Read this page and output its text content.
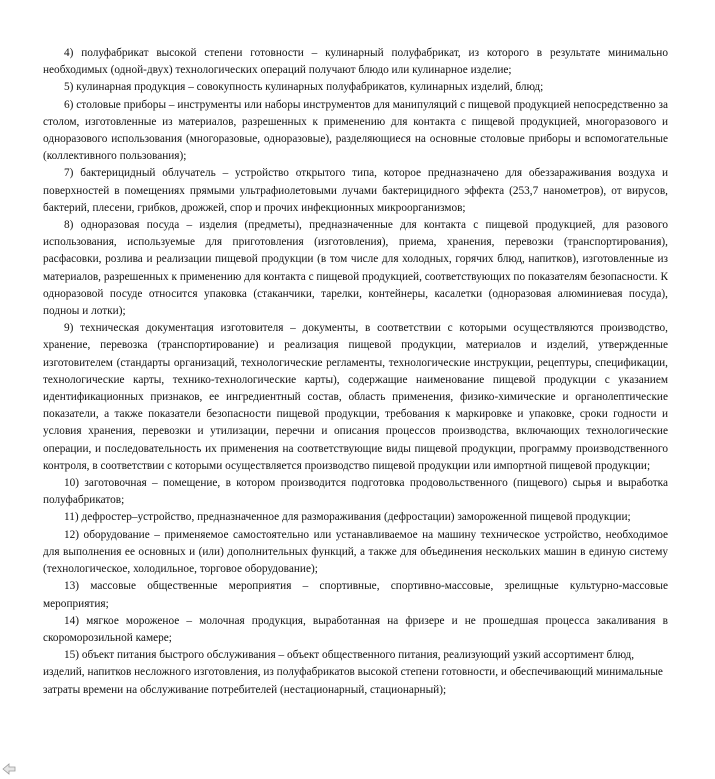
4) полуфабрикат высокой степени готовности – кулинарный полуфабрикат, из которого в результате минимально необходимых (одной-двух) технологических операций получают блюдо или кулинарное изделие;

5) кулинарная продукция – совокупность кулинарных полуфабрикатов, кулинарных изделий, блюд;

6) столовые приборы – инструменты или наборы инструментов для манипуляций с пищевой продукцией непосредственно за столом, изготовленные из материалов, разрешенных к применению для контакта с пищевой продукцией, многоразового и одноразового использования (многоразовые, одноразовые), разделяющиеся на основные столовые приборы и вспомогательные (коллективного пользования);

7) бактерицидный облучатель – устройство открытого типа, которое предназначено для обеззараживания воздуха и поверхностей в помещениях прямыми ультрафиолетовыми лучами бактерицидного эффекта (253,7 нанометров), от вирусов, бактерий, плесени, грибков, дрожжей, спор и прочих инфекционных микроорганизмов;

8) одноразовая посуда – изделия (предметы), предназначенные для контакта с пищевой продукцией, для разового использования, используемые для приготовления (изготовления), приема, хранения, перевозки (транспортирования), расфасовки, розлива и реализации пищевой продукции (в том числе для холодных, горячих блюд, напитков), изготовленные из материалов, разрешенных к применению для контакта с пищевой продукцией, соответствующих по показателям безопасности. К одноразовой посуде относится упаковка (стаканчики, тарелки, контейнеры, касалетки (одноразовая алюминиевая посуда), подноы и лотки);

9) техническая документация изготовителя – документы, в соответствии с которыми осуществляются производство, хранение, перевозка (транспортирование) и реализация пищевой продукции, материалов и изделий, утвержденные изготовителем (стандарты организаций, технологические регламенты, технологические инструкции, рецептуры, спецификации, технологические карты, технико-технологические карты), содержащие наименование пищевой продукции с указанием идентификационных признаков, ее ингредиентный состав, область применения, физико-химические и органолептические показатели, а также показатели безопасности пищевой продукции, требования к маркировке и упаковке, сроки годности и условия хранения, перевозки и утилизации, перечни и описания процессов производства, включающих технологические операции, и последовательность их применения на соответствующие виды пищевой продукции, программу производственного контроля, в соответствии с которыми осуществляется производство пищевой продукции или импортной пищевой продукции;

10) заготовочная – помещение, в котором производится подготовка продовольственного (пищевого) сырья и выработка полуфабрикатов;

11) дефростер–устройство, предназначенное для размораживания (дефростации) замороженной пищевой продукции;

12) оборудование – применяемое самостоятельно или устанавливаемое на машину техническое устройство, необходимое для выполнения ее основных и (или) дополнительных функций, а также для объединения нескольких машин в единую систему (технологическое, холодильное, торговое оборудование);

13) массовые общественные мероприятия – спортивные, спортивно-массовые, зрелищные культурно-массовые мероприятия;

14) мягкое мороженое – молочная продукция, выработанная на фризере и не прошедшая процесса закаливания в скороморозильной камере;

15) объект питания быстрого обслуживания – объект общественного питания, реализующий узкий ассортимент блюд, изделий, напитков несложного изготовления, из полуфабрикатов высокой степени готовности, и обеспечивающий минимальные затраты времени на обслуживание потребителей (нестационарный, стационарный);
